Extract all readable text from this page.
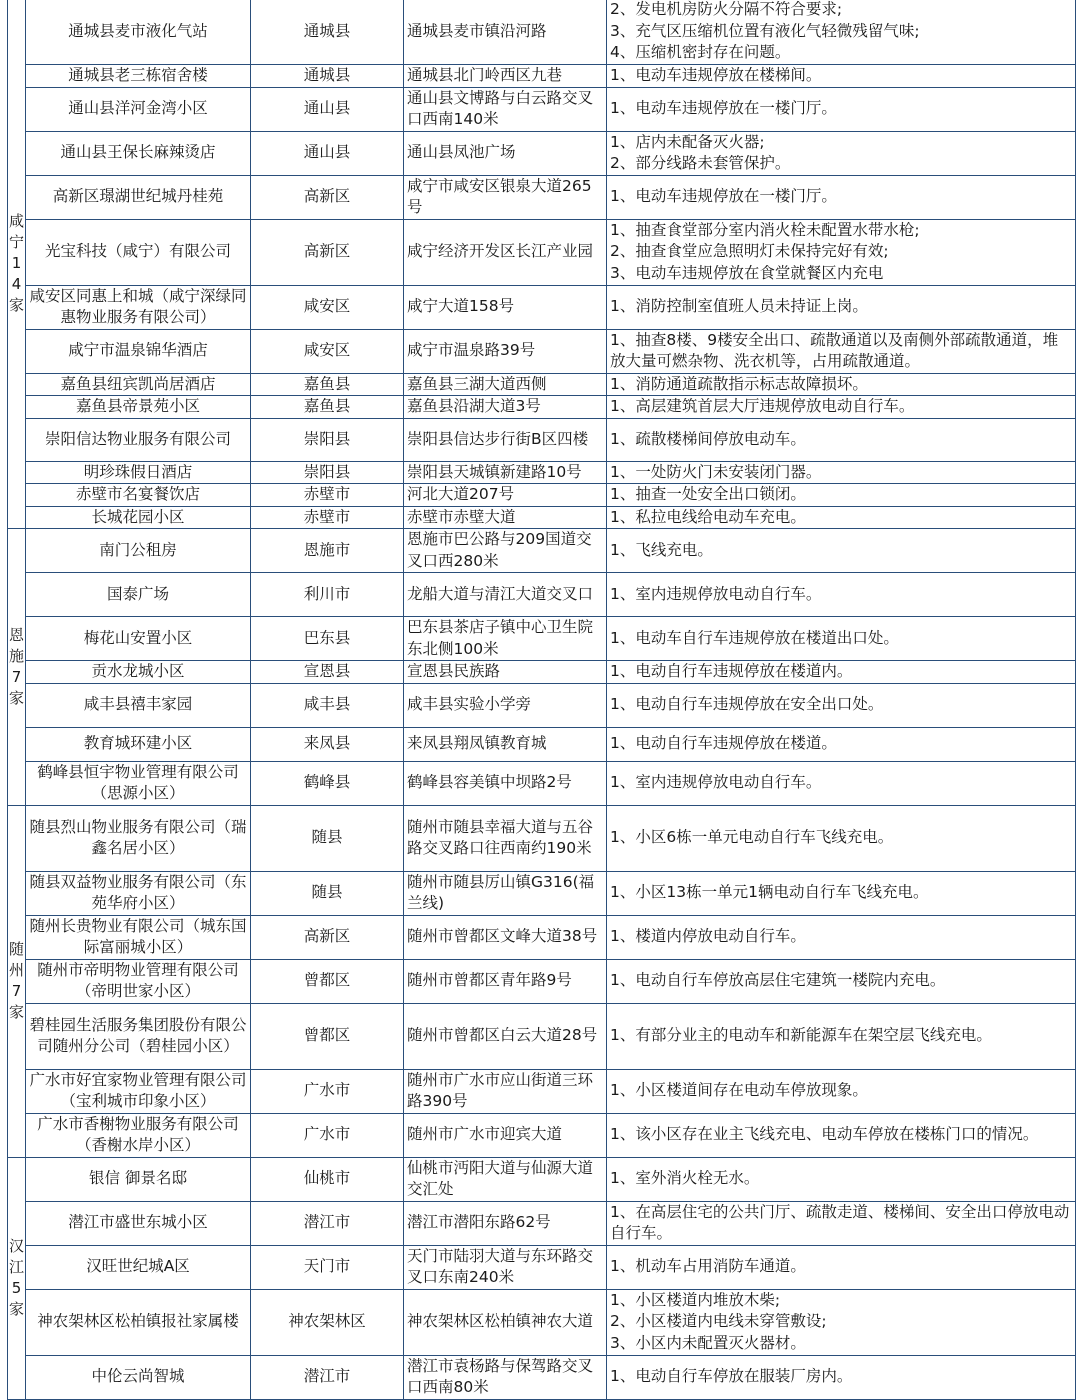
咸宁14家	通城县麦市液化气站	通城县	通城县麦市镇沿河路	2、发电机房防火分隔不符合要求;
3、充气区压缩机位置有液化气轻微残留气味;
4、压缩机密封存在问题。
	通城县老三栋宿舍楼	通城县	通城县北门岭西区九巷	1、电动车违规停放在楼梯间。
	通山县洋河金湾小区	通山县	通山县文博路与白云路交叉口西南140米	1、电动车违规停放在一楼门厅。
	通山县王保长麻辣烫店	通山县	通山县凤池广场	1、店内未配备灭火器;
2、部分线路未套管保护。
	高新区璟湖世纪城丹桂苑	高新区	咸宁市咸安区银泉大道265号	1、电动车违规停放在一楼门厅。
	光宝科技（咸宁）有限公司	高新区	咸宁经济开发区长江产业园	1、抽查食堂部分室内消火栓未配置水带水枪;
2、抽查食堂应急照明灯未保持完好有效;
3、电动车违规停放在食堂就餐区内充电
	咸安区同惠上和城（咸宁深绿同惠物业服务有限公司）	咸安区	咸宁大道158号	1、消防控制室值班人员未持证上岗。
	咸宁市温泉锦华酒店	咸安区	咸宁市温泉路39号	1、抽查8楼、9楼安全出口、疏散通道以及南侧外部疏散通道，堆放大量可燃杂物、洗衣机等，占用疏散通道。
	嘉鱼县纽宾凯尚居酒店	嘉鱼县	嘉鱼县三湖大道西侧	1、消防通道疏散指示标志故障损坏。
	嘉鱼县帝景苑小区	嘉鱼县	嘉鱼县沿湖大道3号	1、高层建筑首层大厅违规停放电动自行车。
	崇阳信达物业服务有限公司	崇阳县	崇阳县信达步行街B区四楼	1、疏散楼梯间停放电动车。
	明珍珠假日酒店	崇阳县	崇阳县天城镇新建路10号	1、一处防火门未安装闭门器。
	赤壁市名宴餐饮店	赤壁市	河北大道207号	1、抽查一处安全出口锁闭。
	长城花园小区	赤壁市	赤壁市赤壁大道	1、私拉电线给电动车充电。
恩施7家	南门公租房	恩施市	恩施市巴公路与209国道交叉口西280米	1、飞线充电。
	国泰广场	利川市	龙船大道与清江大道交叉口	1、室内违规停放电动自行车。
	梅花山安置小区	巴东县	巴东县茶店子镇中心卫生院东北侧100米	1、电动车自行车违规停放在楼道出口处。
	贡水龙城小区	宣恩县	宣恩县民族路	1、电动自行车违规停放在楼道内。
	咸丰县禧丰家园	咸丰县	咸丰县实验小学旁	1、电动自行车违规停放在安全出口处。
	教育城环建小区	来凤县	来凤县翔凤镇教育城	1、电动自行车违规停放在楼道。
	鹤峰县恒宇物业管理有限公司（思源小区）	鹤峰县	鹤峰县容美镇中坝路2号	1、室内违规停放电动自行车。
随州7家	随县烈山物业服务有限公司（瑞鑫名居小区）	随县	随州市随县幸福大道与五谷路交叉路口往西南约190米	1、小区6栋一单元电动自行车飞线充电。
	随县双益物业服务有限公司（东苑华府小区）	随县	随州市随县厉山镇G316(福兰线)	1、小区13栋一单元1辆电动自行车飞线充电。
	随州长贵物业有限公司（城东国际富丽城小区）	高新区	随州市曾都区文峰大道38号	1、楼道内停放电动自行车。
	随州市帝明物业管理有限公司（帝明世家小区）	曾都区	随州市曾都区青年路9号	1、电动自行车停放高层住宅建筑一楼院内充电。
	碧桂园生活服务集团股份有限公司随州分公司（碧桂园小区）	曾都区	随州市曾都区白云大道28号	1、有部分业主的电动车和新能源车在架空层飞线充电。
	广水市好宜家物业管理有限公司（宝利城市印象小区）	广水市	随州市广水市应山街道三环路390号	1、小区楼道间存在电动车停放现象。
	广水市香榭物业服务有限公司（香榭水岸小区）	广水市	随州市广水市迎宾大道	1、该小区存在业主飞线充电、电动车停放在楼栋门口的情况。
汉江5家	银信 御景名邸	仙桃市	仙桃市沔阳大道与仙源大道交汇处	1、室外消火栓无水。
	潜江市盛世东城小区	潜江市	潜江市潜阳东路62号	1、在高层住宅的公共门厅、疏散走道、楼梯间、安全出口停放电动自行车。
	汉旺世纪城A区	天门市	天门市陆羽大道与东环路交叉口东南240米	1、机动车占用消防车通道。
	神农架林区松柏镇报社家属楼	神农架林区	神农架林区松柏镇神农大道	1、小区楼道内堆放木柴;
2、小区楼道内电线未穿管敷设;
3、小区内未配置灭火器材。
	中伦云尚智城	潜江市	潜江市袁杨路与保驾路交叉口西南80米	1、电动自行车停放在服装厂房内。
